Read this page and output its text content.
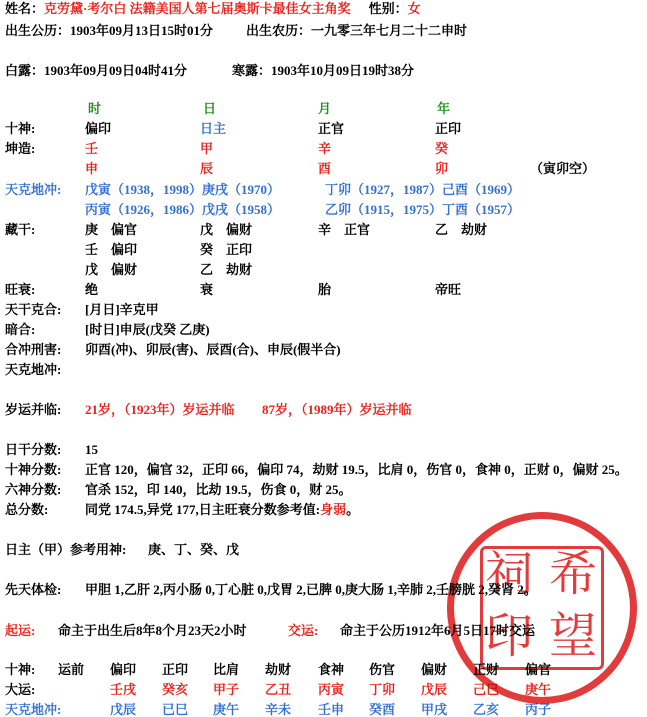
姓名：克劳黛·考尔白 法籍美国人第七届奥斯卡最佳女主角奖 性别：女
出生公历：1903年09月13日15时01分	出生农历：一九零三年七月二十二申时
白露：1903年09月09日04时41分	寒露：1903年10月09日19时38分
时	日	月	年
十神:	偏印	日主	正官	正印
坤造:	壬	甲	辛	癸
申	辰	酉	卯	（寅卯空）
天克地冲: 戊寅（1938，1998）庚戌（1970）	丁卯（1927，1987）己酉（1969）
丙寅（1926，1986）戊戌（1958）	乙卯（1915，1975）丁酉（1957）
藏干:	庚 偏官	戊 偏财	辛 正官	乙 劫财
壬 偏印	癸 正印
戊 偏财	乙 劫财
旺衰:	绝	衰	胎	帝旺
天干克合: [月日]辛克甲
暗合:	[时日]申辰(戊癸 乙庚)
合冲刑害: 卯酉(冲)、卯辰(害)、辰酉(合)、申辰(假半合)
天克地冲:
岁运并临: 21岁，（1923年）岁运并临 87岁，（1989年）岁运并临
日干分数: 15
十神分数: 正官 120，偏官 32，正印 66，偏印 74，劫财 19.5，比肩 0，伤官 0，食神 0，正财 0，偏财 25。
六神分数: 官杀 152，印 140，比劫 19.5，伤食 0，财 25。
总分数:	同党 174.5,异党 177,日主旺衰分数参考值:身弱。
日主（甲）参考用神: 庚、丁、癸、戊
先天体检: 甲胆 1,乙肝 2,丙小肠 0,丁心脏 0,戊胃 2,已脾 0,庚大肠 1,辛肺 2,壬膀胱 2,癸肾 2。
起运: 命主于出生后8年8个月23天2小时	交运: 命主于公历1912年6月5日17时交运
十神: 运前 偏印 正印 比肩 劫财 食神 伤官 偏财 正财 偏官
大运:	壬戌 癸亥 甲子 乙丑 丙寅 丁卯 戊辰 己巳 庚午
天克地冲:	戊辰 已巳 庚午 辛未 壬申 癸酉 甲戌 乙亥 丙子
祠 希
印 望
